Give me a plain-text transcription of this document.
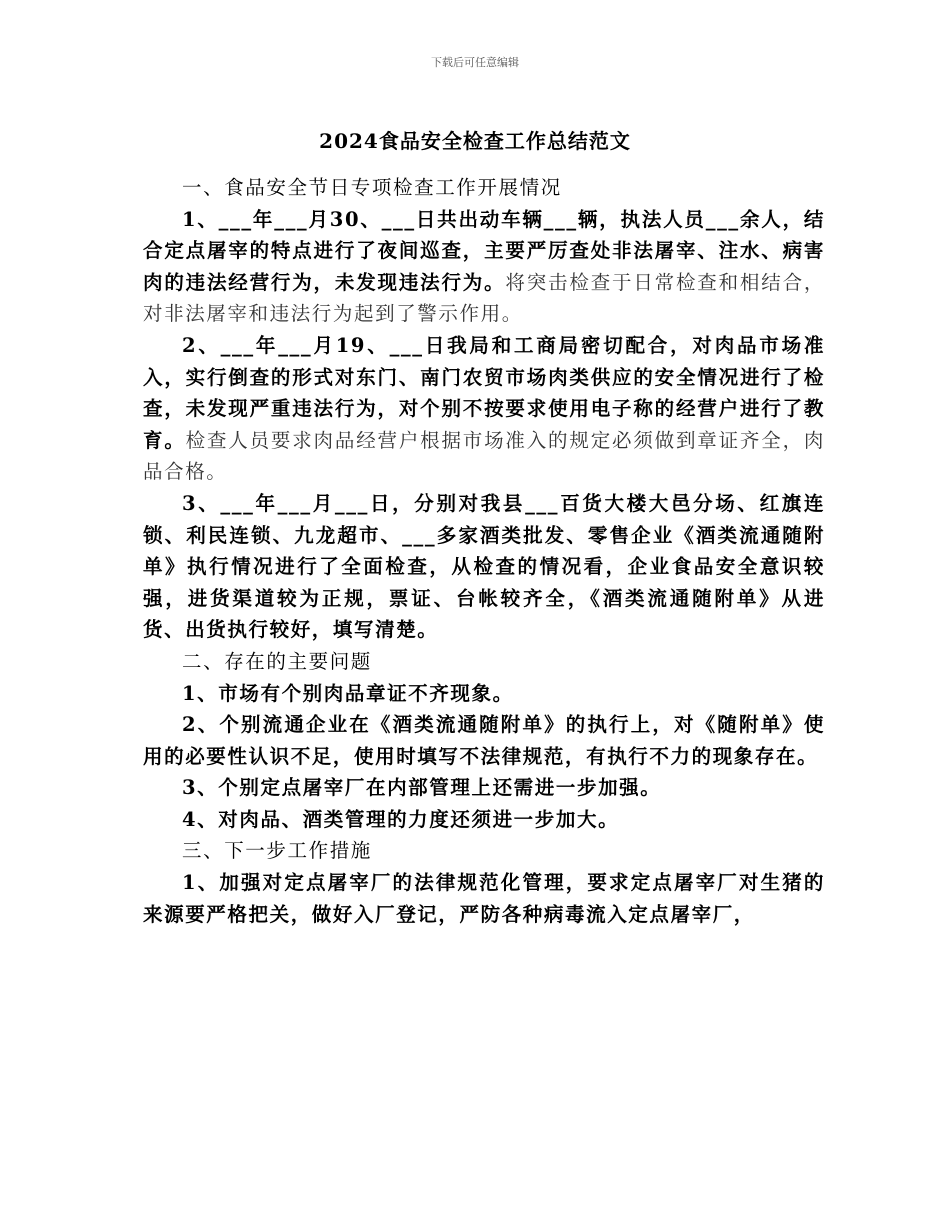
下载后可任意编辑
2024食品安全检查工作总结范文

一、食品安全节日专项检查工作开展情况

1、___年___月30、___日共出动车辆___辆，执法人员___余人，结合定点屠宰的特点进行了夜间巡查，主要严厉查处非法屠宰、注水、病害肉的违法经营行为，未发现违法行为。将突击检查于日常检查和相结合，对非法屠宰和违法行为起到了警示作用。

2、___年___月19、___日我局和工商局密切配合，对肉品市场准入，实行倒查的形式对东门、南门农贸市场肉类供应的安全情况进行了检查，未发现严重违法行为，对个别不按要求使用电子称的经营户进行了教育。检查人员要求肉品经营户根据市场准入的规定必须做到章证齐全，肉品合格。

3、___年___月___日，分别对我县___百货大楼大邑分场、红旗连锁、利民连锁、九龙超市、___多家酒类批发、零售企业《酒类流通随附单》执行情况进行了全面检查，从检查的情况看，企业食品安全意识较强，进货渠道较为正规，票证、台帐较齐全，《酒类流通随附单》从进货、出货执行较好，填写清楚。

二、存在的主要问题

1、市场有个别肉品章证不齐现象。

2、个别流通企业在《酒类流通随附单》的执行上，对《随附单》使用的必要性认识不足，使用时填写不法律规范，有执行不力的现象存在。

3、个别定点屠宰厂在内部管理上还需进一步加强。

4、对肉品、酒类管理的力度还须进一步加大。

三、下一步工作措施

1、加强对定点屠宰厂的法律规范化管理，要求定点屠宰厂对生猪的来源要严格把关，做好入厂登记，严防各种病毒流入定点屠宰厂，
